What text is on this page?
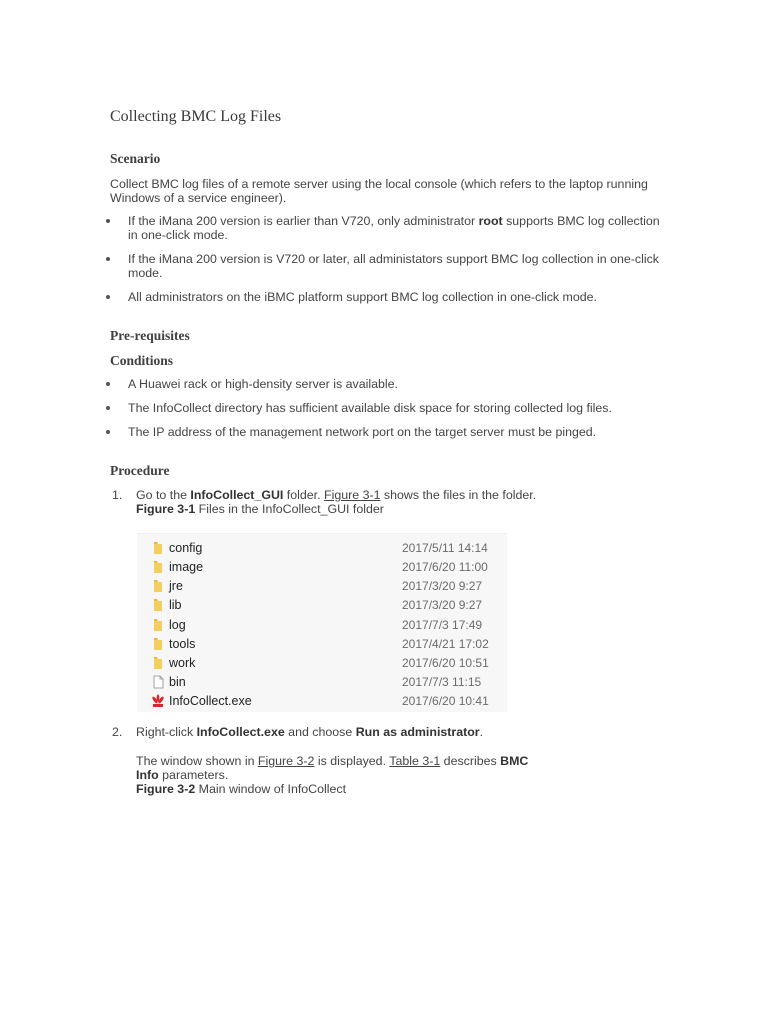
Collecting BMC Log Files
Scenario

Collect BMC log files of a remote server using the local console (which refers to the laptop running Windows of a service engineer).

If the iMana 200 version is earlier than V720, only administrator root supports BMC log collection in one-click mode.
If the iMana 200 version is V720 or later, all administators support BMC log collection in one-click mode.
All administrators on the iBMC platform support BMC log collection in one-click mode.
Pre-requisites
Conditions
A Huawei rack or high-density server is available.
The InfoCollect directory has sufficient available disk space for storing collected log files.
The IP address of the management network port on the target server must be pinged.
Procedure
1. Go to the InfoCollect_GUI folder. Figure 3-1 shows the files in the folder.
Figure 3-1 Files in the InfoCollect_GUI folder
config	2017/5/11 14:14
image	2017/6/20 11:00
jre	2017/3/20 9:27
lib	2017/3/20 9:27
log	2017/7/3 17:49
tools	2017/4/21 17:02
work	2017/6/20 10:51
bin	2017/7/3 11:15
InfoCollect.exe	2017/6/20 10:41
2. Right-click InfoCollect.exe and choose Run as administrator.
The window shown in Figure 3-2 is displayed. Table 3-1 describes BMC
Info parameters.
Figure 3-2 Main window of InfoCollect
